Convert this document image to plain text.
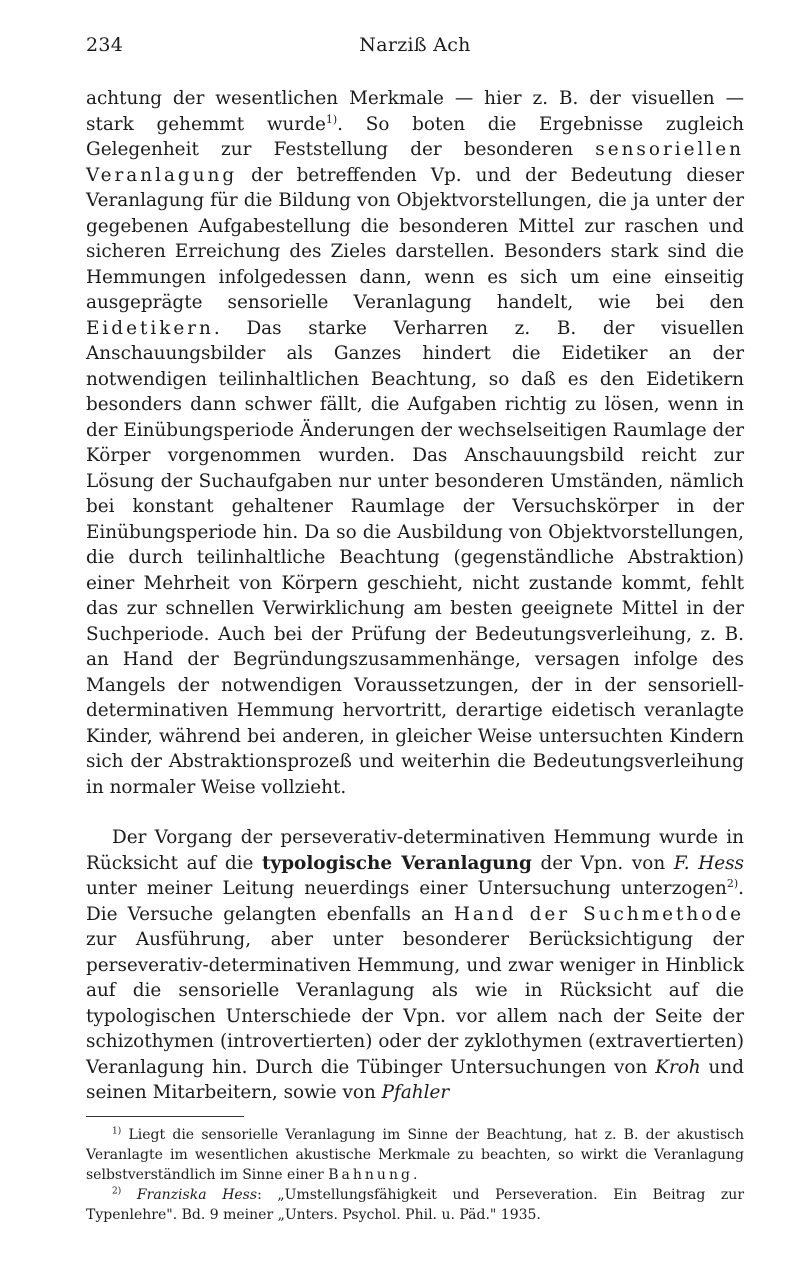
234	Narziß Ach

achtung der wesentlichen Merkmale — hier z. B. der visuellen — stark gehemmt wurde$^{1)}$. So boten die Ergebnisse zugleich Gelegenheit zur Feststellung der besonderen sensoriellen Veranlagung der betreffenden Vp. und der Bedeutung dieser Veranlagung für die Bildung von Objektvorstellungen, die ja unter der gegebenen Aufgabestellung die besonderen Mittel zur raschen und sicheren Erreichung des Zieles darstellen. Besonders stark sind die Hemmungen infolgedessen dann, wenn es sich um eine einseitig ausgeprägte sensorielle Veranlagung handelt, wie bei den Eidetikern. Das starke Verharren z. B. der visuellen Anschauungsbilder als Ganzes hindert die Eidetiker an der notwendigen teilinhaltlichen Beachtung, so daß es den Eidetikern besonders dann schwer fällt, die Aufgaben richtig zu lösen, wenn in der Einübungsperiode Änderungen der wechselseitigen Raumlage der Körper vorgenommen wurden. Das Anschauungsbild reicht zur Lösung der Suchaufgaben nur unter besonderen Umständen, nämlich bei konstant gehaltener Raumlage der Versuchskörper in der Einübungsperiode hin. Da so die Ausbildung von Objektvorstellungen, die durch teilinhaltliche Beachtung (gegenständliche Abstraktion) einer Mehrheit von Körpern geschieht, nicht zustande kommt, fehlt das zur schnellen Verwirklichung am besten geeignete Mittel in der Suchperiode. Auch bei der Prüfung der Bedeutungsverleihung, z. B. an Hand der Begründungszusammenhänge, versagen infolge des Mangels der notwendigen Voraussetzungen, der in der sensoriell-determinativen Hemmung hervortritt, derartige eidetisch veranlagte Kinder, während bei anderen, in gleicher Weise untersuchten Kindern sich der Abstraktionsprozeß und weiterhin die Bedeutungsverleihung in normaler Weise vollzieht.

Der Vorgang der perseverativ-determinativen Hemmung wurde in Rücksicht auf die typologische Veranlagung der Vpn. von F. Hess unter meiner Leitung neuerdings einer Untersuchung unterzogen$^{2)}$. Die Versuche gelangten ebenfalls an Hand der Suchmethode zur Ausführung, aber unter besonderer Berücksichtigung der perseverativ-determinativen Hemmung, und zwar weniger in Hinblick auf die sensorielle Veranlagung als wie in Rücksicht auf die typologischen Unterschiede der Vpn. vor allem nach der Seite der schizothymen (introvertierten) oder der zyklothymen (extravertierten) Veranlagung hin. Durch die Tübinger Untersuchungen von Kroh und seinen Mitarbeitern, sowie von Pfahler

$^{1)}$ Liegt die sensorielle Veranlagung im Sinne der Beachtung, hat z. B. der akustisch Veranlagte im wesentlichen akustische Merkmale zu beachten, so wirkt die Veranlagung selbstverständlich im Sinne einer Bahnung.

$^{2)}$ Franziska Hess: „Umstellungsfähigkeit und Perseveration. Ein Beitrag zur Typenlehre". Bd. 9 meiner „Unters. Psychol. Phil. u. Päd." 1935.
